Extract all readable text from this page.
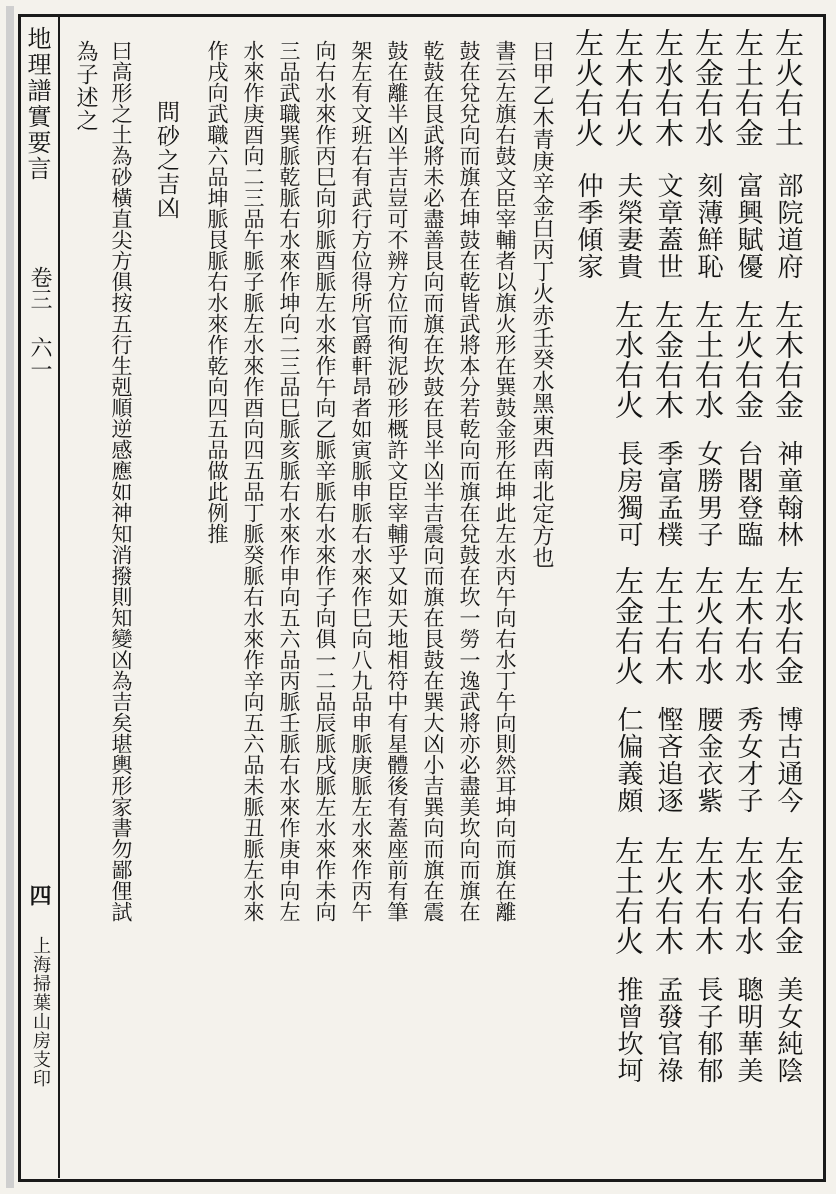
地理譜實要言
卷三
六一
四
上海掃葉山房支印
左火右土
部院道府
左土右金
富興賦優
左金右水
刻薄鮮恥
左水右木
文章蓋世
左木右火
夫榮妻貴
左火右火
仲季傾家
左木右金
神童翰林
左火右金
台閣登臨
左土右水
女勝男子
左金右木
季富孟樸
左水右火
長房獨可
左水右金
博古通今
左木右水
秀女才子
左火右水
腰金衣紫
左土右木
慳吝追逐
左金右火
仁偏義頗
左金右金
美女純陰
左水右水
聰明華美
左木右木
長子郁郁
左火右木
孟發官祿
左土右火
推曾坎坷
曰甲乙木青庚辛金白丙丁火赤壬癸水黑東西南北定方也
書云左旗右鼓文臣宰輔者以旗火形在巽鼓金形在坤此左水丙午向右水丁午向則然耳坤向而旗在離
鼓在兌兌向而旗在坤鼓在乾皆武將本分若乾向而旗在兌鼓在坎一勞一逸武將亦必盡美坎向而旗在
乾鼓在艮武將未必盡善艮向而旗在坎鼓在艮半凶半吉震向而旗在艮鼓在巽大凶小吉巽向而旗在震
鼓在離半凶半吉豈可不辨方位而徇泥砂形概許文臣宰輔乎又如天地相符中有星體後有蓋座前有筆
架左有文班右有武行方位得所官爵軒昂者如寅脈申脈右水來作巳向八九品申脈庚脈左水來作丙午
向右水來作丙巳向卯脈酉脈左水來作午向乙脈辛脈右水來作子向俱一二品辰脈戌脈左水來作未向
三品武職巽脈乾脈右水來作坤向二三品巳脈亥脈右水來作申向五六品丙脈壬脈右水來作庚申向左
水來作庚酉向二三品午脈子脈左水來作酉向四五品丁脈癸脈右水來作辛向五六品未脈丑脈左水來
作戌向武職六品坤脈艮脈右水來作乾向四五品做此例推
問砂之吉凶
曰高形之土為砂橫直尖方俱按五行生剋順逆感應如神知消撥則知變凶為吉矣堪輿形家書勿鄙俚試
為子述之
